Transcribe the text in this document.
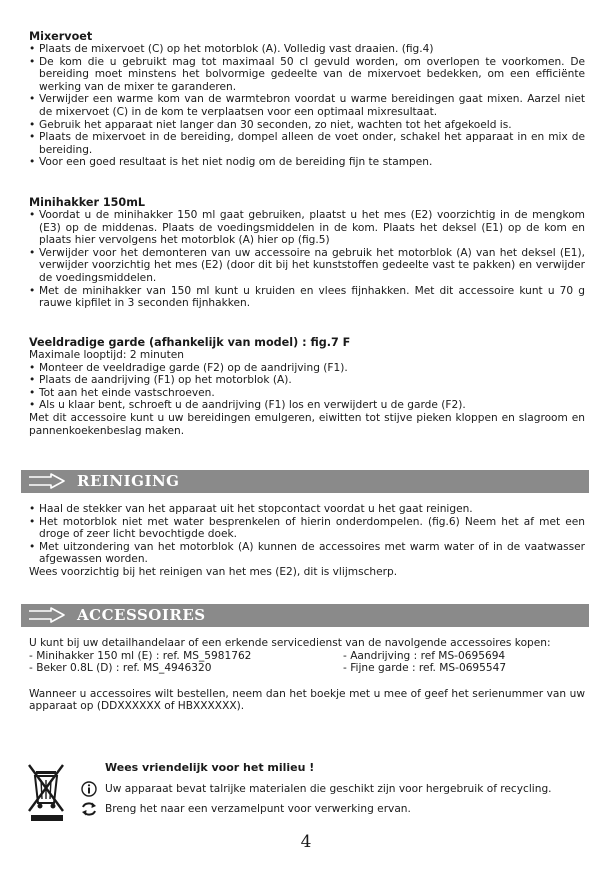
Mixervoet
• Plaats de mixervoet (C) op het motorblok (A). Volledig vast draaien. (fig.4)
• De kom die u gebruikt mag tot maximaal 50 cl gevuld worden, om overlopen te voorkomen. De bereiding moet minstens het bolvormige gedeelte van de mixervoet bedekken, om een efficiënte werking van de mixer te garanderen.
• Verwijder een warme kom van de warmtebron voordat u warme bereidingen gaat mixen. Aarzel niet de mixervoet (C) in de kom te verplaatsen voor een optimaal mixresultaat.
• Gebruik het apparaat niet langer dan 30 seconden, zo niet, wachten tot het afgekoeld is.
• Plaats de mixervoet in de bereiding, dompel alleen de voet onder, schakel het apparaat in en mix de bereiding.
• Voor een goed resultaat is het niet nodig om de bereiding fijn te stampen.
Minihakker 150mL
• Voordat u de minihakker 150 ml gaat gebruiken, plaatst u het mes (E2) voorzichtig in de mengkom (E3) op de middenas. Plaats de voedingsmiddelen in de kom. Plaats het deksel (E1) op de kom en plaats hier vervolgens het motorblok (A) hier op (fig.5)
• Verwijder voor het demonteren van uw accessoire na gebruik het motorblok (A) van het deksel (E1), verwijder voorzichtig het mes (E2) (door dit bij het kunststoffen gedeelte vast te pakken) en verwijder de voedingsmiddelen.
• Met de minihakker van 150 ml kunt u kruiden en vlees fijnhakken. Met dit accessoire kunt u 70 g rauwe kipfilet in 3 seconden fijnhakken.
Veeldradige garde (afhankelijk van model) : fig.7 F

Maximale looptijd: 2 minuten

• Monteer de veeldradige garde (F2) op de aandrijving (F1).
• Plaats de aandrijving (F1) op het motorblok (A).
• Tot aan het einde vastschroeven.
• Als u klaar bent, schroeft u de aandrijving (F1) los en verwijdert u de garde (F2).

Met dit accessoire kunt u uw bereidingen emulgeren, eiwitten tot stijve pieken kloppen en slagroom en pannenkoekenbeslag maken.

REINIGING
• Haal de stekker van het apparaat uit het stopcontact voordat u het gaat reinigen.
• Het motorblok niet met water besprenkelen of hierin onderdompelen. (fig.6) Neem het af met een droge of zeer licht bevochtigde doek.
• Met uitzondering van het motorblok (A) kunnen de accessoires met warm water of in de vaatwasser afgewassen worden.

Wees voorzichtig bij het reinigen van het mes (E2), dit is vlijmscherp.

ACCESSOIRES

U kunt bij uw detailhandelaar of een erkende servicedienst van de navolgende accessoires kopen:

- Minihakker 150 ml (E) : ref. MS_5981762
- Beker 0.8L (D) : ref. MS_4946320
- Aandrijving : ref MS-0695694
- Fijne garde : ref. MS-0695547

Wanneer u accessoires wilt bestellen, neem dan het boekje met u mee of geef het serienummer van uw apparaat op (DDXXXXXX of HBXXXXXX).

Wees vriendelijk voor het milieu !
Uw apparaat bevat talrijke materialen die geschikt zijn voor hergebruik of recycling.
Breng het naar een verzamelpunt voor verwerking ervan.
4
